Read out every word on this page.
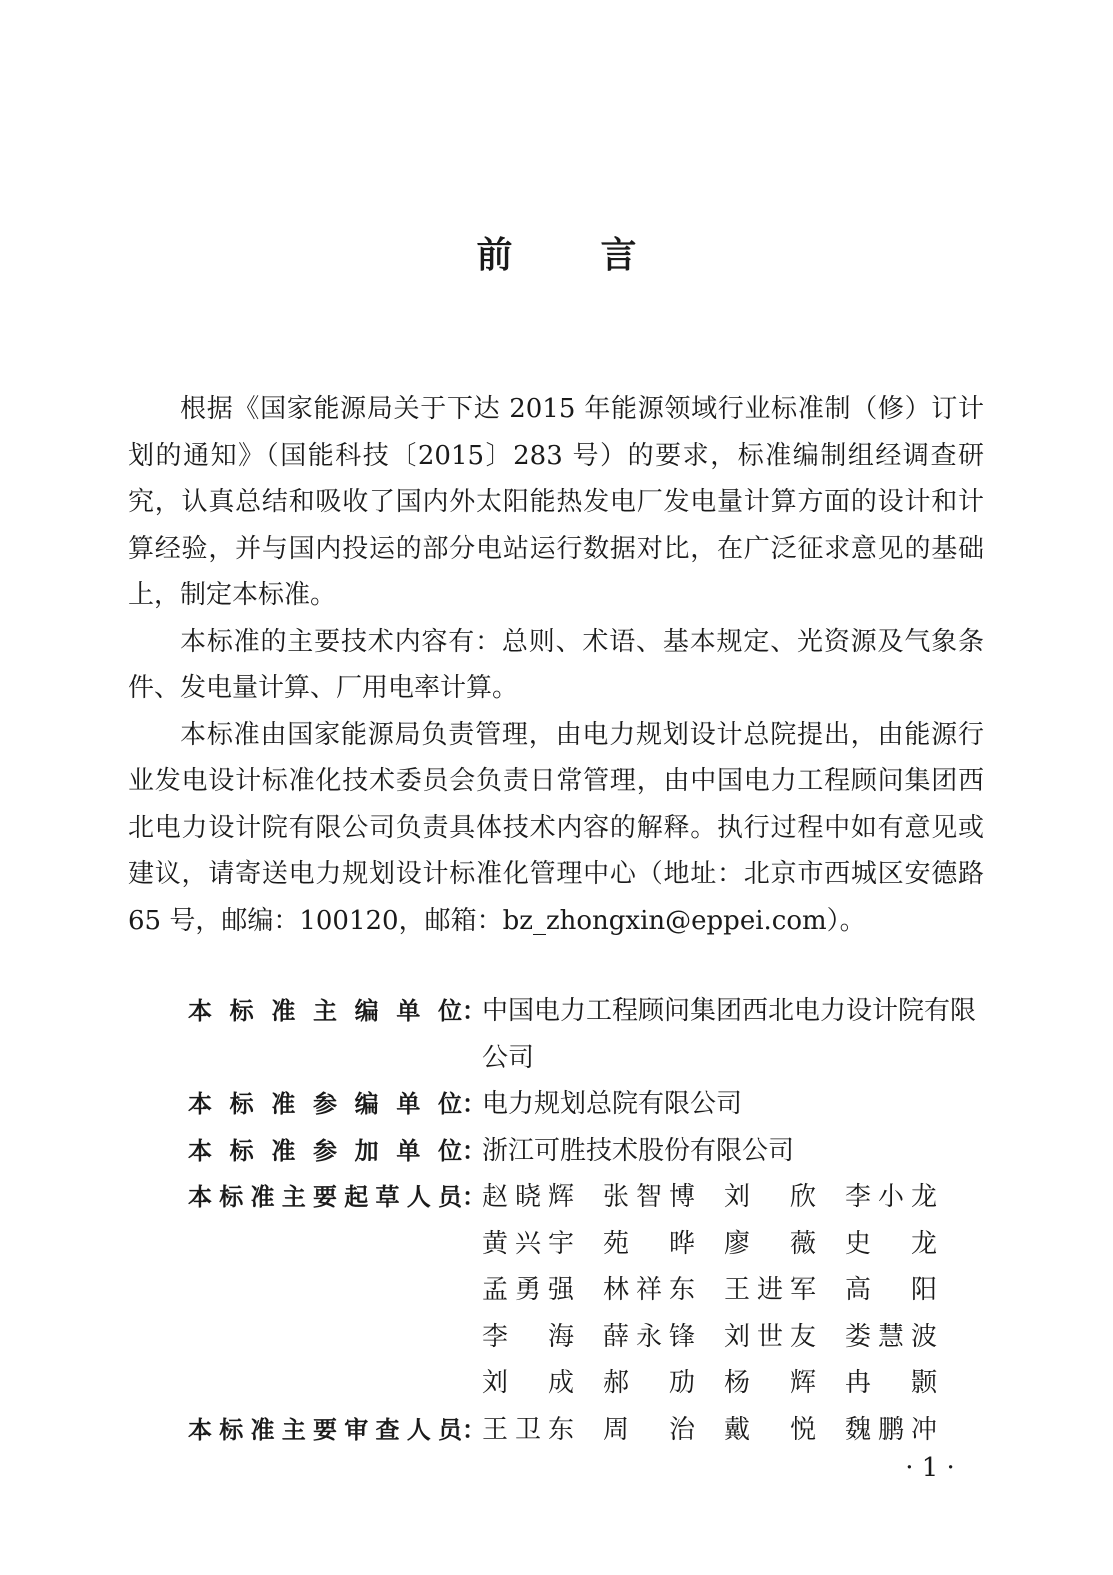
前言

根据《国家能源局关于下达 2015 年能源领域行业标准制（修）订计划的通知》（国能科技〔2015〕283 号）的要求，标准编制组经调查研究，认真总结和吸收了国内外太阳能热发电厂发电量计算方面的设计和计算经验，并与国内投运的部分电站运行数据对比，在广泛征求意见的基础上，制定本标准。

本标准的主要技术内容有：总则、术语、基本规定、光资源及气象条件、发电量计算、厂用电率计算。

本标准由国家能源局负责管理，由电力规划设计总院提出，由能源行业发电设计标准化技术委员会负责日常管理，由中国电力工程顾问集团西北电力设计院有限公司负责具体技术内容的解释。执行过程中如有意见或建议，请寄送电力规划设计标准化管理中心（地址：北京市西城区安德路 65 号，邮编：100120，邮箱：bz_zhongxin@eppei.com）。

本标准主编单位 ：
中国电力工程顾问集团西北电力设计院有限公司
本标准参编单位 ：
电力规划总院有限公司
本标准参加单位 ：
浙江可胜技术股份有限公司
本标准主要起草人员 ：
赵晓辉 张智博 刘欣 李小龙
黄兴宇 苑晔 廖薇 史龙
孟勇强 林祥东 王进军 高阳
李海 薛永锋 刘世友 娄慧波
刘成 郝劢 杨辉 冉颢
本标准主要审查人员 ：
王卫东 周治 戴悦 魏鹏冲
· 1 ·
